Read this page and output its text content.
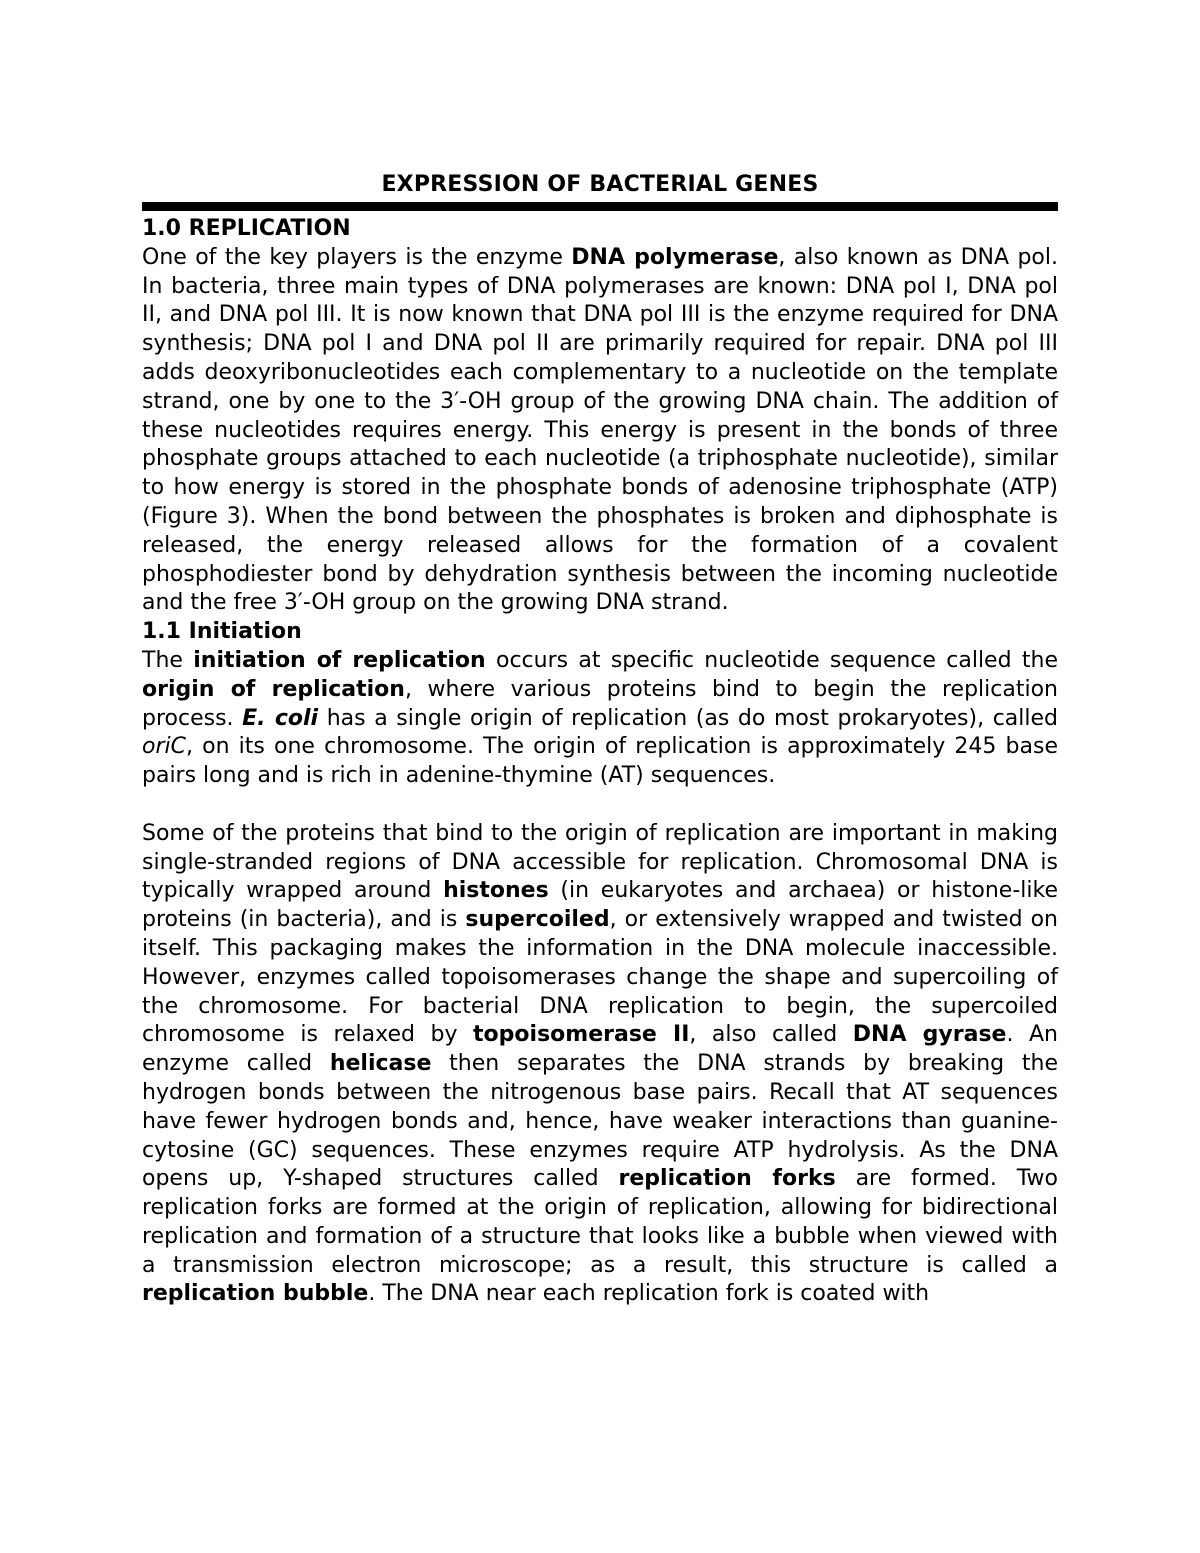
EXPRESSION OF BACTERIAL GENES
1.0 REPLICATION

One of the key players is the enzyme DNA polymerase, also known as DNA pol. In bacteria, three main types of DNA polymerases are known: DNA pol I, DNA pol II, and DNA pol III. It is now known that DNA pol III is the enzyme required for DNA synthesis; DNA pol I and DNA pol II are primarily required for repair. DNA pol III adds deoxyribonucleotides each complementary to a nucleotide on the template strand, one by one to the 3′-OH group of the growing DNA chain. The addition of these nucleotides requires energy. This energy is present in the bonds of three phosphate groups attached to each nucleotide (a triphosphate nucleotide), similar to how energy is stored in the phosphate bonds of adenosine triphosphate (ATP) (Figure 3). When the bond between the phosphates is broken and diphosphate is released, the energy released allows for the formation of a covalent phosphodiester bond by dehydration synthesis between the incoming nucleotide and the free 3′-OH group on the growing DNA strand.

1.1 Initiation

The initiation of replication occurs at specific nucleotide sequence called the origin of replication, where various proteins bind to begin the replication process. E. coli has a single origin of replication (as do most prokaryotes), called oriC, on its one chromosome. The origin of replication is approximately 245 base pairs long and is rich in adenine-thymine (AT) sequences.

Some of the proteins that bind to the origin of replication are important in making single-stranded regions of DNA accessible for replication. Chromosomal DNA is typically wrapped around histones (in eukaryotes and archaea) or histone-like proteins (in bacteria), and is supercoiled, or extensively wrapped and twisted on itself. This packaging makes the information in the DNA molecule inaccessible. However, enzymes called topoisomerases change the shape and supercoiling of the chromosome. For bacterial DNA replication to begin, the supercoiled chromosome is relaxed by topoisomerase II, also called DNA gyrase. An enzyme called helicase then separates the DNA strands by breaking the hydrogen bonds between the nitrogenous base pairs. Recall that AT sequences have fewer hydrogen bonds and, hence, have weaker interactions than guanine-cytosine (GC) sequences. These enzymes require ATP hydrolysis. As the DNA opens up, Y-shaped structures called replication forks are formed. Two replication forks are formed at the origin of replication, allowing for bidirectional replication and formation of a structure that looks like a bubble when viewed with a transmission electron microscope; as a result, this structure is called a replication bubble. The DNA near each replication fork is coated with
